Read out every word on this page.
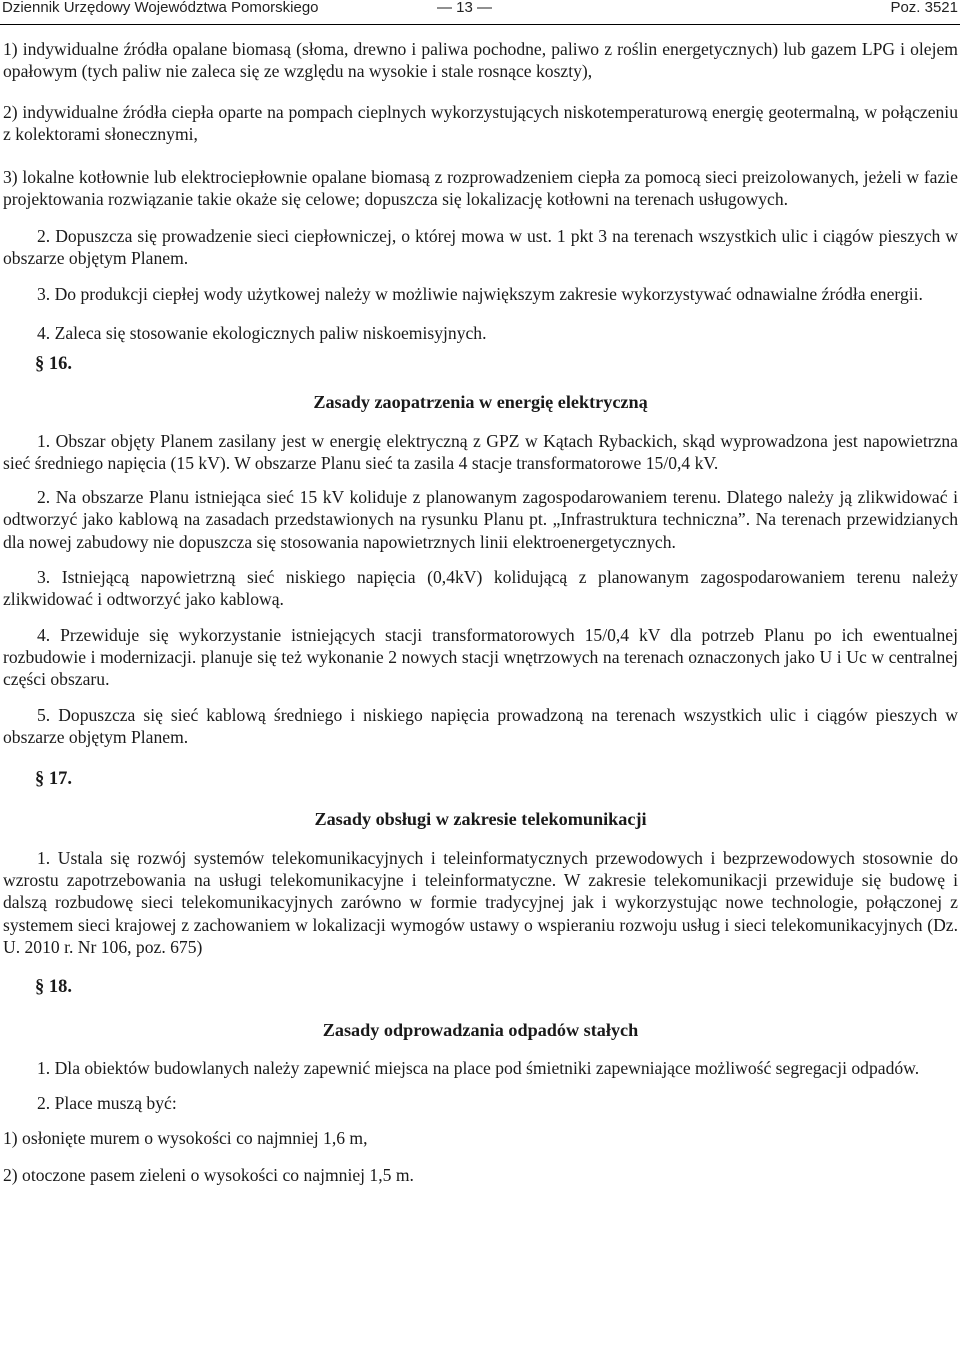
Dziennik Urzędowy Województwa Pomorskiego	— 13 —	Poz. 3521

1) indywidualne źródła opalane biomasą (słoma, drewno i paliwa pochodne, paliwo z roślin energetycznych) lub gazem LPG i olejem opałowym (tych paliw nie zaleca się ze względu na wysokie i stale rosnące koszty),

2) indywidualne źródła ciepła oparte na pompach cieplnych wykorzystujących niskotemperaturową energię geotermalną, w połączeniu z kolektorami słonecznymi,

3) lokalne kotłownie lub elektrociepłownie opalane biomasą z rozprowadzeniem ciepła za pomocą sieci preizolowanych, jeżeli w fazie projektowania rozwiązanie takie okaże się celowe; dopuszcza się lokalizację kotłowni na terenach usługowych.

2. Dopuszcza się prowadzenie sieci ciepłowniczej, o której mowa w ust. 1 pkt 3 na terenach wszystkich ulic i ciągów pieszych w obszarze objętym Planem.

3. Do produkcji ciepłej wody użytkowej należy w możliwie największym zakresie wykorzystywać odnawialne źródła energii.

4. Zaleca się stosowanie ekologicznych paliw niskoemisyjnych.

§ 16.

Zasady zaopatrzenia w energię elektryczną

1. Obszar objęty Planem zasilany jest w energię elektryczną z GPZ w Kątach Rybackich, skąd wyprowadzona jest napowietrzna sieć średniego napięcia (15 kV). W obszarze Planu sieć ta zasila 4 stacje transformatorowe 15/0,4 kV.

2. Na obszarze Planu istniejąca sieć 15 kV koliduje z planowanym zagospodarowaniem terenu. Dlatego należy ją zlikwidować i odtworzyć jako kablową na zasadach przedstawionych na rysunku Planu pt. „Infrastruktura techniczna”. Na terenach przewidzianych dla nowej zabudowy nie dopuszcza się stosowania napowietrznych linii elektroenergetycznych.

3. Istniejącą napowietrzną sieć niskiego napięcia (0,4kV) kolidującą z planowanym zagospodarowaniem terenu należy zlikwidować i odtworzyć jako kablową.

4. Przewiduje się wykorzystanie istniejących stacji transformatorowych 15/0,4 kV dla potrzeb Planu po ich ewentualnej rozbudowie i modernizacji. planuje się też wykonanie 2 nowych stacji wnętrzowych na terenach oznaczonych jako U i Uc w centralnej części obszaru.

5. Dopuszcza się sieć kablową średniego i niskiego napięcia prowadzoną na terenach wszystkich ulic i ciągów pieszych w obszarze objętym Planem.

§ 17.

Zasady obsługi w zakresie telekomunikacji

1. Ustala się rozwój systemów telekomunikacyjnych i teleinformatycznych przewodowych i bezprzewodowych stosownie do wzrostu zapotrzebowania na usługi telekomunikacyjne i teleinformatyczne. W zakresie telekomunikacji przewiduje się budowę i dalszą rozbudowę sieci telekomunikacyjnych zarówno w formie tradycyjnej jak i wykorzystując nowe technologie, połączonej z systemem sieci krajowej z zachowaniem w lokalizacji wymogów ustawy o wspieraniu rozwoju usług i sieci telekomunikacyjnych (Dz. U. 2010 r. Nr 106, poz. 675)

§ 18.

Zasady odprowadzania odpadów stałych

1. Dla obiektów budowlanych należy zapewnić miejsca na place pod śmietniki zapewniające możliwość segregacji odpadów.

2. Place muszą być:

1) osłonięte murem o wysokości co najmniej 1,6 m,

2) otoczone pasem zieleni o wysokości co najmniej 1,5 m.
